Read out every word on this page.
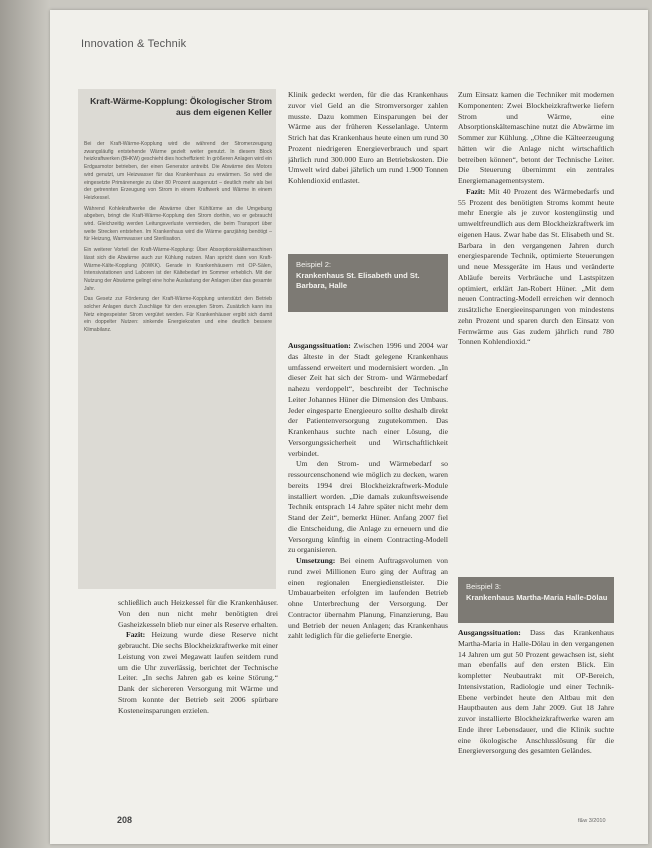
Innovation & Technik
Kraft-Wärme-Kopplung: Ökologischer Strom aus dem eigenen Keller

Bei der Kraft-Wärme-Kopplung wird die während der Stromerzeugung zwangsläufig entstehende Wärme gezielt weiter genutzt. In diesem Block heizkraftwerken (BHKW) geschieht dies hocheffizient: In größeren Anlagen wird ein Erdgasmotor betrieben, der einen Generator antreibt. Die Abwärme des Motors wird genutzt, um Heizwasser für das Krankenhaus zu erwärmen. So wird die eingesetzte Primärenergie zu über 80 Prozent ausgenutzt – deutlich mehr als bei der getrennten Erzeugung von Strom in einem Kraftwerk und Wärme in einem Heizkessel.

Während Kohlekraftwerke die Abwärme über Kühltürme an die Umgebung abgeben, bringt die Kraft-Wärme-Kopplung den Strom dorthin, wo er gebraucht wird. Gleichzeitig werden Leitungsverluste vermieden, die beim Transport über weite Strecken entstehen. Im Krankenhaus wird die Wärme ganzjährig benötigt – für Heizung, Warmwasser und Sterilisation.

Ein weiterer Vorteil der Kraft-Wärme-Kopplung: Über Absorptionskältemaschinen lässt sich die Abwärme auch zur Kühlung nutzen. Man spricht dann von Kraft-Wärme-Kälte-Kopplung (KWKK). Gerade in Krankenhäusern mit OP-Sälen, Intensivstationen und Laboren ist der Kältebedarf im Sommer erheblich. Mit der Nutzung der Abwärme gelingt eine hohe Auslastung der Anlagen über das gesamte Jahr.

Das Gesetz zur Förderung der Kraft-Wärme-Kopplung unterstützt den Betrieb solcher Anlagen durch Zuschläge für den erzeugten Strom. Zusätzlich kann ins Netz eingespeister Strom vergütet werden. Für Krankenhäuser ergibt sich damit ein doppelter Nutzen: sinkende Energiekosten und eine deutlich bessere Klimabilanz.

schließlich auch Heizkessel für die Krankenhäuser. Von den nun nicht mehr benötigten drei Gasheizkesseln blieb nur einer als Reserve erhalten.

Fazit: Heizung wurde diese Reserve nicht gebraucht. Die sechs Blockheizkraftwerke mit einer Leistung von zwei Megawatt laufen seitdem rund um die Uhr zuverlässig, berichtet der Technische Leiter. „In sechs Jahren gab es keine Störung.“ Dank der sichereren Versorgung mit Wärme und Strom konnte der Betrieb seit 2006 spürbare Kosteneinsparungen erzielen.

Klinik gedeckt werden, für die das Krankenhaus zuvor viel Geld an die Stromversorger zahlen musste. Dazu kommen Einsparungen bei der Wärme aus der früheren Kesselanlage. Unterm Strich hat das Krankenhaus heute einen um rund 30 Prozent niedrigeren Energieverbrauch und spart jährlich rund 300.000 Euro an Betriebskosten. Die Umwelt wird dabei jährlich um rund 1.900 Tonnen Kohlendioxid entlastet.

Beispiel 2:
Krankenhaus St. Elisabeth und St. Barbara, Halle

Ausgangssituation: Zwischen 1996 und 2004 war das älteste in der Stadt gelegene Krankenhaus umfassend erweitert und modernisiert worden. „In dieser Zeit hat sich der Strom- und Wärmebedarf nahezu verdoppelt“, beschreibt der Technische Leiter Johannes Hüner die Dimension des Umbaus. Jeder eingesparte Energieeuro sollte deshalb direkt der Patientenversorgung zugutekommen. Das Krankenhaus suchte nach einer Lösung, die Versorgungssicherheit und Wirtschaftlichkeit verbindet.

Um den Strom- und Wärmebedarf so ressourcenschonend wie möglich zu decken, waren bereits 1994 drei Blockheizkraftwerk-Module installiert worden. „Die damals zukunftsweisende Technik entsprach 14 Jahre später nicht mehr dem Stand der Zeit“, bemerkt Hüner. Anfang 2007 fiel die Entscheidung, die Anlage zu erneuern und die Versorgung künftig in einem Contracting-Modell zu organisieren.

Umsetzung: Bei einem Auftragsvolumen von rund zwei Millionen Euro ging der Auftrag an einen regionalen Energiedienstleister. Die Umbauarbeiten erfolgten im laufenden Betrieb ohne Unterbrechung der Versorgung. Der Contractor übernahm Planung, Finanzierung, Bau und Betrieb der neuen Anlagen; das Krankenhaus zahlt lediglich für die gelieferte Energie.

Zum Einsatz kamen die Techniker mit modernen Komponenten: Zwei Blockheizkraftwerke liefern Strom und Wärme, eine Absorptionskältemaschine nutzt die Abwärme im Sommer zur Kühlung. „Ohne die Kälteerzeugung hätten wir die Anlage nicht wirtschaftlich betreiben können“, betont der Technische Leiter. Die Steuerung übernimmt ein zentrales Energiemanagementsystem.

Fazit: Mit 40 Prozent des Wärmebedarfs und 55 Prozent des benötigten Stroms kommt heute mehr Energie als je zuvor kostengünstig und umweltfreundlich aus dem Blockheizkraftwerk im eigenen Haus. Zwar habe das St. Elisabeth und St. Barbara in den vergangenen Jahren durch energiesparende Technik, optimierte Steuerungen und neue Messgeräte im Haus und veränderte Abläufe bereits Verbräuche und Lastspitzen optimiert, erklärt Jan-Robert Hüner. „Mit dem neuen Contracting-Modell erreichen wir dennoch zusätzliche Energieeinsparungen von mindestens zehn Prozent und sparen durch den Einsatz von Fernwärme aus Gas zudem jährlich rund 780 Tonnen Kohlendioxid.“

Beispiel 3:
Krankenhaus Martha-Maria Halle-Dölau

Ausgangssituation: Dass das Krankenhaus Martha-Maria in Halle-Dölau in den vergangenen 14 Jahren um gut 50 Prozent gewachsen ist, sieht man ebenfalls auf den ersten Blick. Ein kompletter Neubautrakt mit OP-Bereich, Intensivstation, Radiologie und einer Technik-Ebene verbindet heute den Altbau mit den Hauptbauten aus dem Jahr 2009. Gut 18 Jahre zuvor installierte Blockheizkraftwerke waren am Ende ihrer Lebensdauer, und die Klinik suchte eine ökologische Anschlusslösung für die Energieversorgung des gesamten Geländes.

208	f&w 3/2010
